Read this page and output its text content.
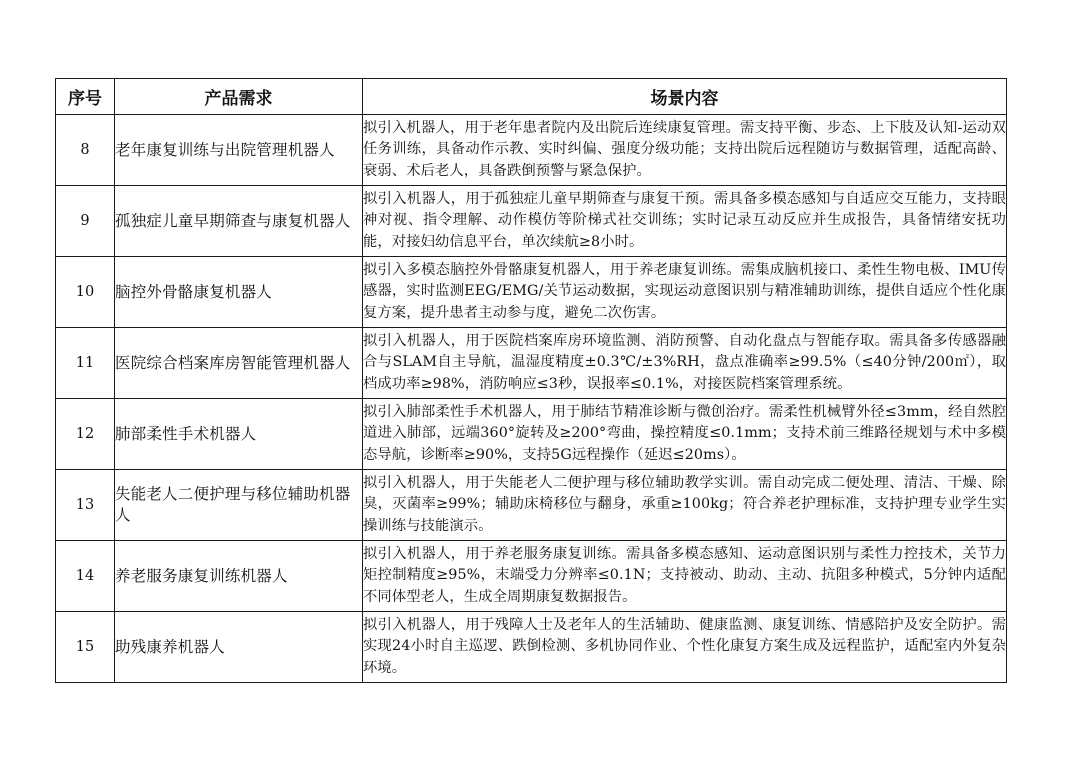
序号	产品需求	场景内容
8	老年康复训练与出院管理机器人	拟引入机器人，用于老年患者院内及出院后连续康复管理。需支持平衡、步态、上下肢及认知-运动双任务训练，具备动作示教、实时纠偏、强度分级功能；支持出院后远程随访与数据管理，适配高龄、衰弱、术后老人，具备跌倒预警与紧急保护。
9	孤独症儿童早期筛查与康复机器人	拟引入机器人，用于孤独症儿童早期筛查与康复干预。需具备多模态感知与自适应交互能力，支持眼神对视、指令理解、动作模仿等阶梯式社交训练；实时记录互动反应并生成报告，具备情绪安抚功能，对接妇幼信息平台，单次续航≥8小时。
10	脑控外骨骼康复机器人	拟引入多模态脑控外骨骼康复机器人，用于养老康复训练。需集成脑机接口、柔性生物电极、IMU传感器，实时监测EEG/EMG/关节运动数据，实现运动意图识别与精准辅助训练，提供自适应个性化康复方案，提升患者主动参与度，避免二次伤害。
11	医院综合档案库房智能管理机器人	拟引入机器人，用于医院档案库房环境监测、消防预警、自动化盘点与智能存取。需具备多传感器融合与SLAM自主导航，温湿度精度±0.3℃/±3%RH，盘点准确率≥99.5%（≤40分钟/200㎡），取档成功率≥98%，消防响应≤3秒，误报率≤0.1%，对接医院档案管理系统。
12	肺部柔性手术机器人	拟引入肺部柔性手术机器人，用于肺结节精准诊断与微创治疗。需柔性机械臂外径≤3mm，经自然腔道进入肺部，远端360°旋转及≥200°弯曲，操控精度≤0.1mm；支持术前三维路径规划与术中多模态导航，诊断率≥90%，支持5G远程操作（延迟≤20ms）。
13	失能老人二便护理与移位辅助机器人	拟引入机器人，用于失能老人二便护理与移位辅助教学实训。需自动完成二便处理、清洁、干燥、除臭，灭菌率≥99%；辅助床椅移位与翻身，承重≥100kg；符合养老护理标准，支持护理专业学生实操训练与技能演示。
14	养老服务康复训练机器人	拟引入机器人，用于养老服务康复训练。需具备多模态感知、运动意图识别与柔性力控技术，关节力矩控制精度≥95%，末端受力分辨率≤0.1N；支持被动、助动、主动、抗阻多种模式，5分钟内适配不同体型老人，生成全周期康复数据报告。
15	助残康养机器人	拟引入机器人，用于残障人士及老年人的生活辅助、健康监测、康复训练、情感陪护及安全防护。需实现24小时自主巡逻、跌倒检测、多机协同作业、个性化康复方案生成及远程监护，适配室内外复杂环境。
